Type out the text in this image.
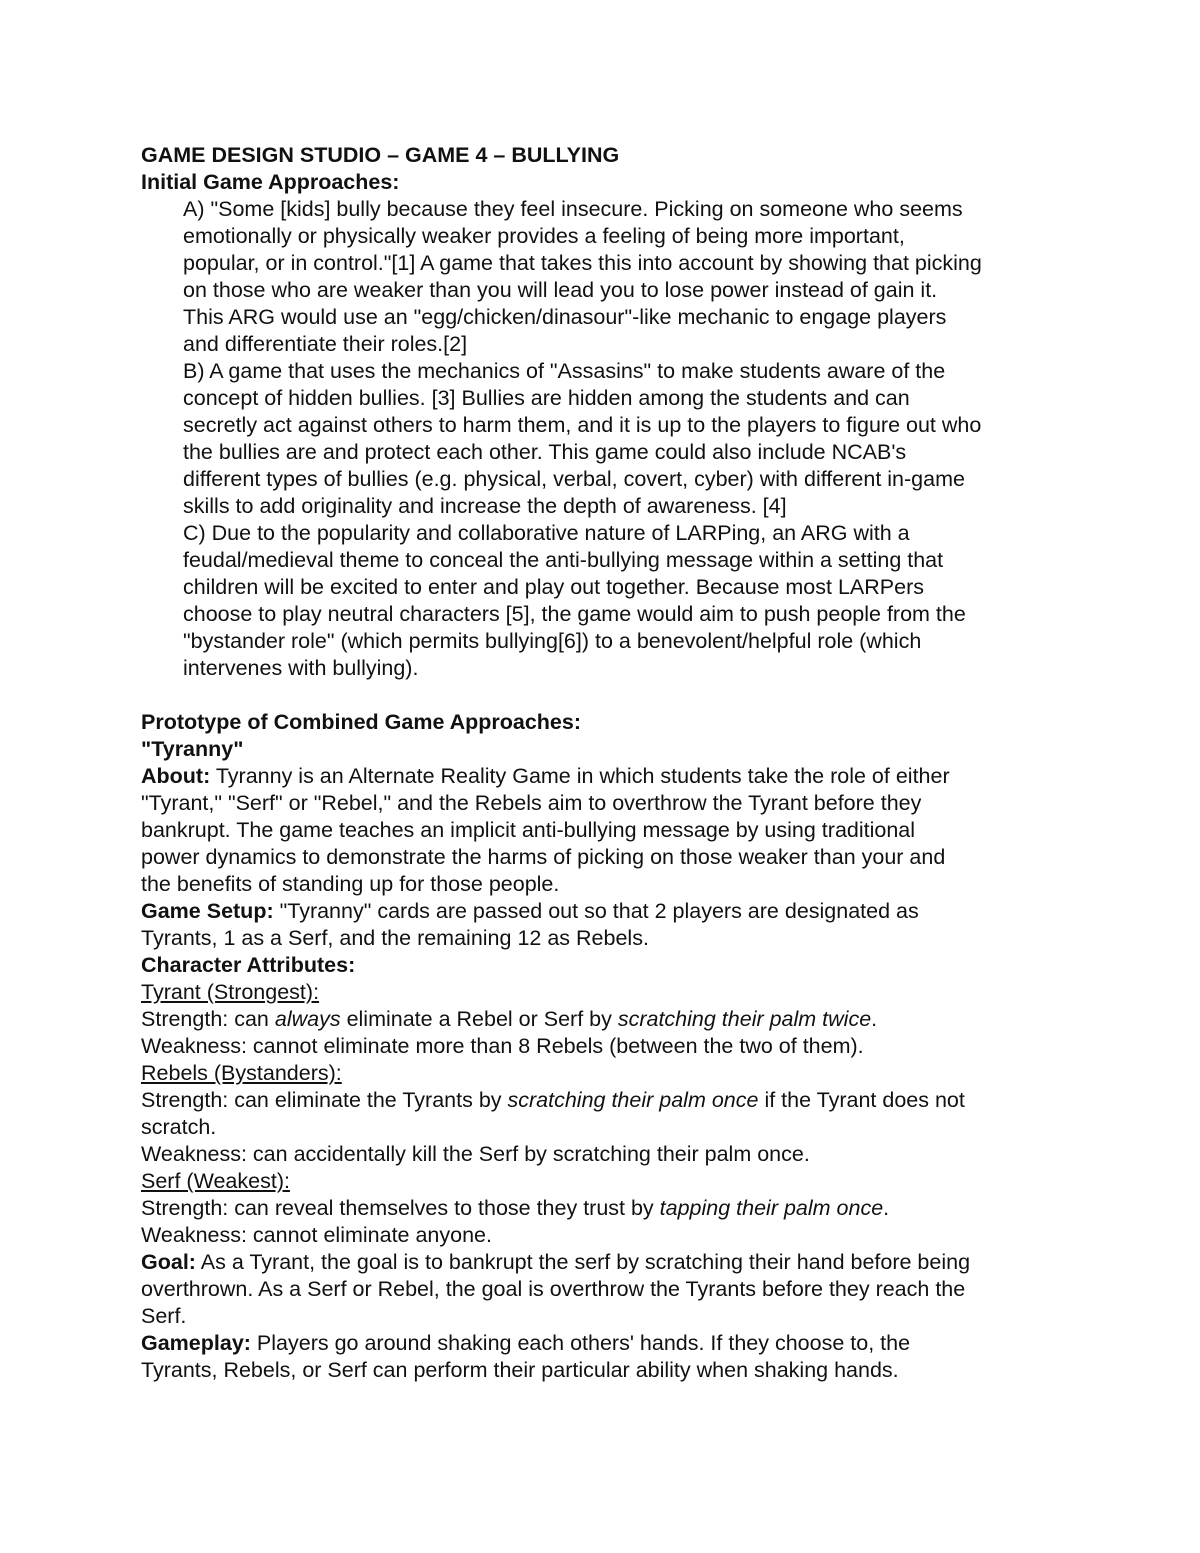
GAME DESIGN STUDIO – GAME 4 – BULLYING

Initial Game Approaches:

A) "Some [kids] bully because they feel insecure. Picking on someone who seems

emotionally or physically weaker provides a feeling of being more important,

popular, or in control."[1] A game that takes this into account by showing that picking

on those who are weaker than you will lead you to lose power instead of gain it.

This ARG would use an "egg/chicken/dinasour"-like mechanic to engage players

and differentiate their roles.[2]

B) A game that uses the mechanics of "Assasins" to make students aware of the

concept of hidden bullies. [3] Bullies are hidden among the students and can

secretly act against others to harm them, and it is up to the players to figure out who

the bullies are and protect each other. This game could also include NCAB's

different types of bullies (e.g. physical, verbal, covert, cyber) with different in-game

skills to add originality and increase the depth of awareness. [4]

C) Due to the popularity and collaborative nature of LARPing, an ARG with a

feudal/medieval theme to conceal the anti-bullying message within a setting that

children will be excited to enter and play out together. Because most LARPers

choose to play neutral characters [5], the game would aim to push people from the

"bystander role" (which permits bullying[6]) to a benevolent/helpful role (which

intervenes with bullying).

Prototype of Combined Game Approaches:

"Tyranny"

About: Tyranny is an Alternate Reality Game in which students take the role of either

"Tyrant," "Serf" or "Rebel," and the Rebels aim to overthrow the Tyrant before they

bankrupt. The game teaches an implicit anti-bullying message by using traditional

power dynamics to demonstrate the harms of picking on those weaker than your and

the benefits of standing up for those people.

Game Setup: "Tyranny" cards are passed out so that 2 players are designated as

Tyrants, 1 as a Serf, and the remaining 12 as Rebels.

Character Attributes:

Tyrant (Strongest):

Strength: can always eliminate a Rebel or Serf by scratching their palm twice.

Weakness: cannot eliminate more than 8 Rebels (between the two of them).

Rebels (Bystanders):

Strength: can eliminate the Tyrants by scratching their palm once if the Tyrant does not

scratch.

Weakness: can accidentally kill the Serf by scratching their palm once.

Serf (Weakest):

Strength: can reveal themselves to those they trust by tapping their palm once.

Weakness: cannot eliminate anyone.

Goal: As a Tyrant, the goal is to bankrupt the serf by scratching their hand before being

overthrown. As a Serf or Rebel, the goal is overthrow the Tyrants before they reach the

Serf.

Gameplay: Players go around shaking each others' hands. If they choose to, the

Tyrants, Rebels, or Serf can perform their particular ability when shaking hands.
